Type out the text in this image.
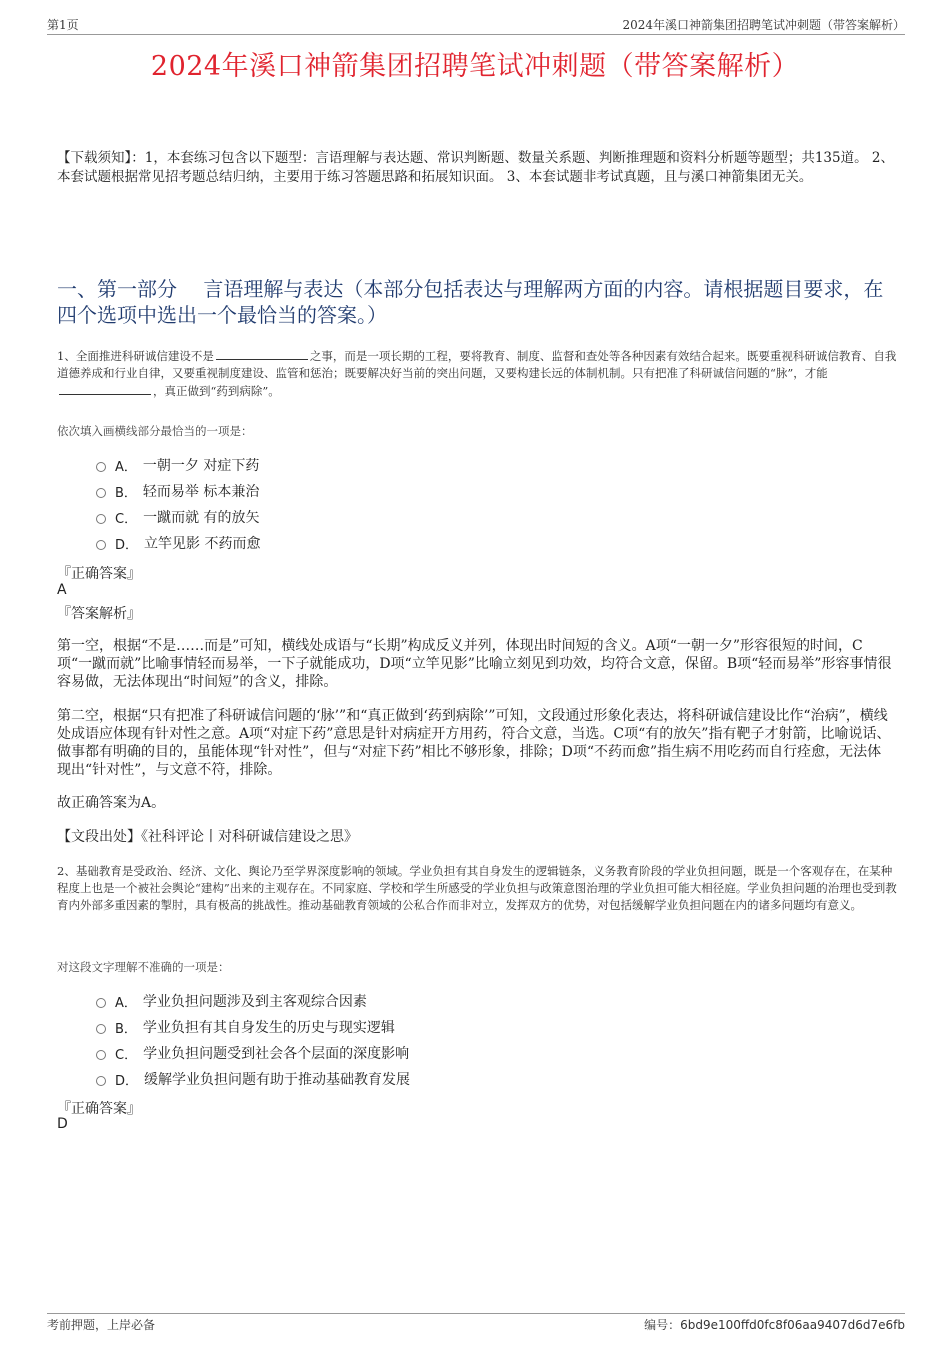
第1页	2024年溪口神箭集团招聘笔试冲刺题（带答案解析）
2024年溪口神箭集团招聘笔试冲刺题（带答案解析）
【下载须知】：1，本套练习包含以下题型：言语理解与表达题、常识判断题、数量关系题、判断推理题和资料分析题等题型；共135道。 2、本套试题根据常见招考题总结归纳，主要用于练习答题思路和拓展知识面。 3、本套试题非考试真题，且与溪口神箭集团无关。
一、第一部分　 言语理解与表达（本部分包括表达与理解两方面的内容。请根据题目要求，在四个选项中选出一个最恰当的答案。）
1、全面推进科研诚信建设不是	之事，而是一项长期的工程，要将教育、制度、监督和查处等各种因素有效结合起来。既要重视科研诚信教育、自我道德养成和行业自律，又要重视制度建设、监管和惩治；既要解决好当前的突出问题，又要构建长远的体制机制。只有把准了科研诚信问题的“脉”，才能，真正做到“药到病除”。
依次填入画横线部分最恰当的一项是：
A． 一朝一夕 对症下药
B． 轻而易举 标本兼治
C． 一蹴而就 有的放矢
D． 立竿见影 不药而愈
『正确答案』
A
『答案解析』
第一空，根据“不是……而是”可知，横线处成语与“长期”构成反义并列，体现出时间短的含义。A项“一朝一夕”形容很短的时间，C项“一蹴而就”比喻事情轻而易举，一下子就能成功，D项“立竿见影”比喻立刻见到功效，均符合文意，保留。B项“轻而易举”形容事情很容易做，无法体现出“时间短”的含义，排除。
第二空，根据“只有把准了科研诚信问题的‘脉’”和“真正做到‘药到病除’”可知，文段通过形象化表达，将科研诚信建设比作“治病”，横线处成语应体现有针对性之意。A项“对症下药”意思是针对病症开方用药，符合文意，当选。C项“有的放矢”指有靶子才射箭，比喻说话、做事都有明确的目的，虽能体现“针对性”，但与“对症下药”相比不够形象，排除；D项“不药而愈”指生病不用吃药而自行痊愈，无法体现出“针对性”，与文意不符，排除。
故正确答案为A。
【文段出处】《社科评论丨对科研诚信建设之思》
2、基础教育是受政治、经济、文化、舆论乃至学界深度影响的领域。学业负担有其自身发生的逻辑链条，义务教育阶段的学业负担问题，既是一个客观存在，在某种程度上也是一个被社会舆论“建构”出来的主观存在。不同家庭、学校和学生所感受的学业负担与政策意图治理的学业负担可能大相径庭。学业负担问题的治理也受到教育内外部多重因素的掣肘，具有极高的挑战性。推动基础教育领域的公私合作而非对立，发挥双方的优势，对包括缓解学业负担问题在内的诸多问题均有意义。
对这段文字理解不准确的一项是：
A． 学业负担问题涉及到主客观综合因素
B． 学业负担有其自身发生的历史与现实逻辑
C． 学业负担问题受到社会各个层面的深度影响
D． 缓解学业负担问题有助于推动基础教育发展
『正确答案』
D
考前押题，上岸必备	编号：6bd9e100ffd0fc8f06aa9407d6d7e6fb
